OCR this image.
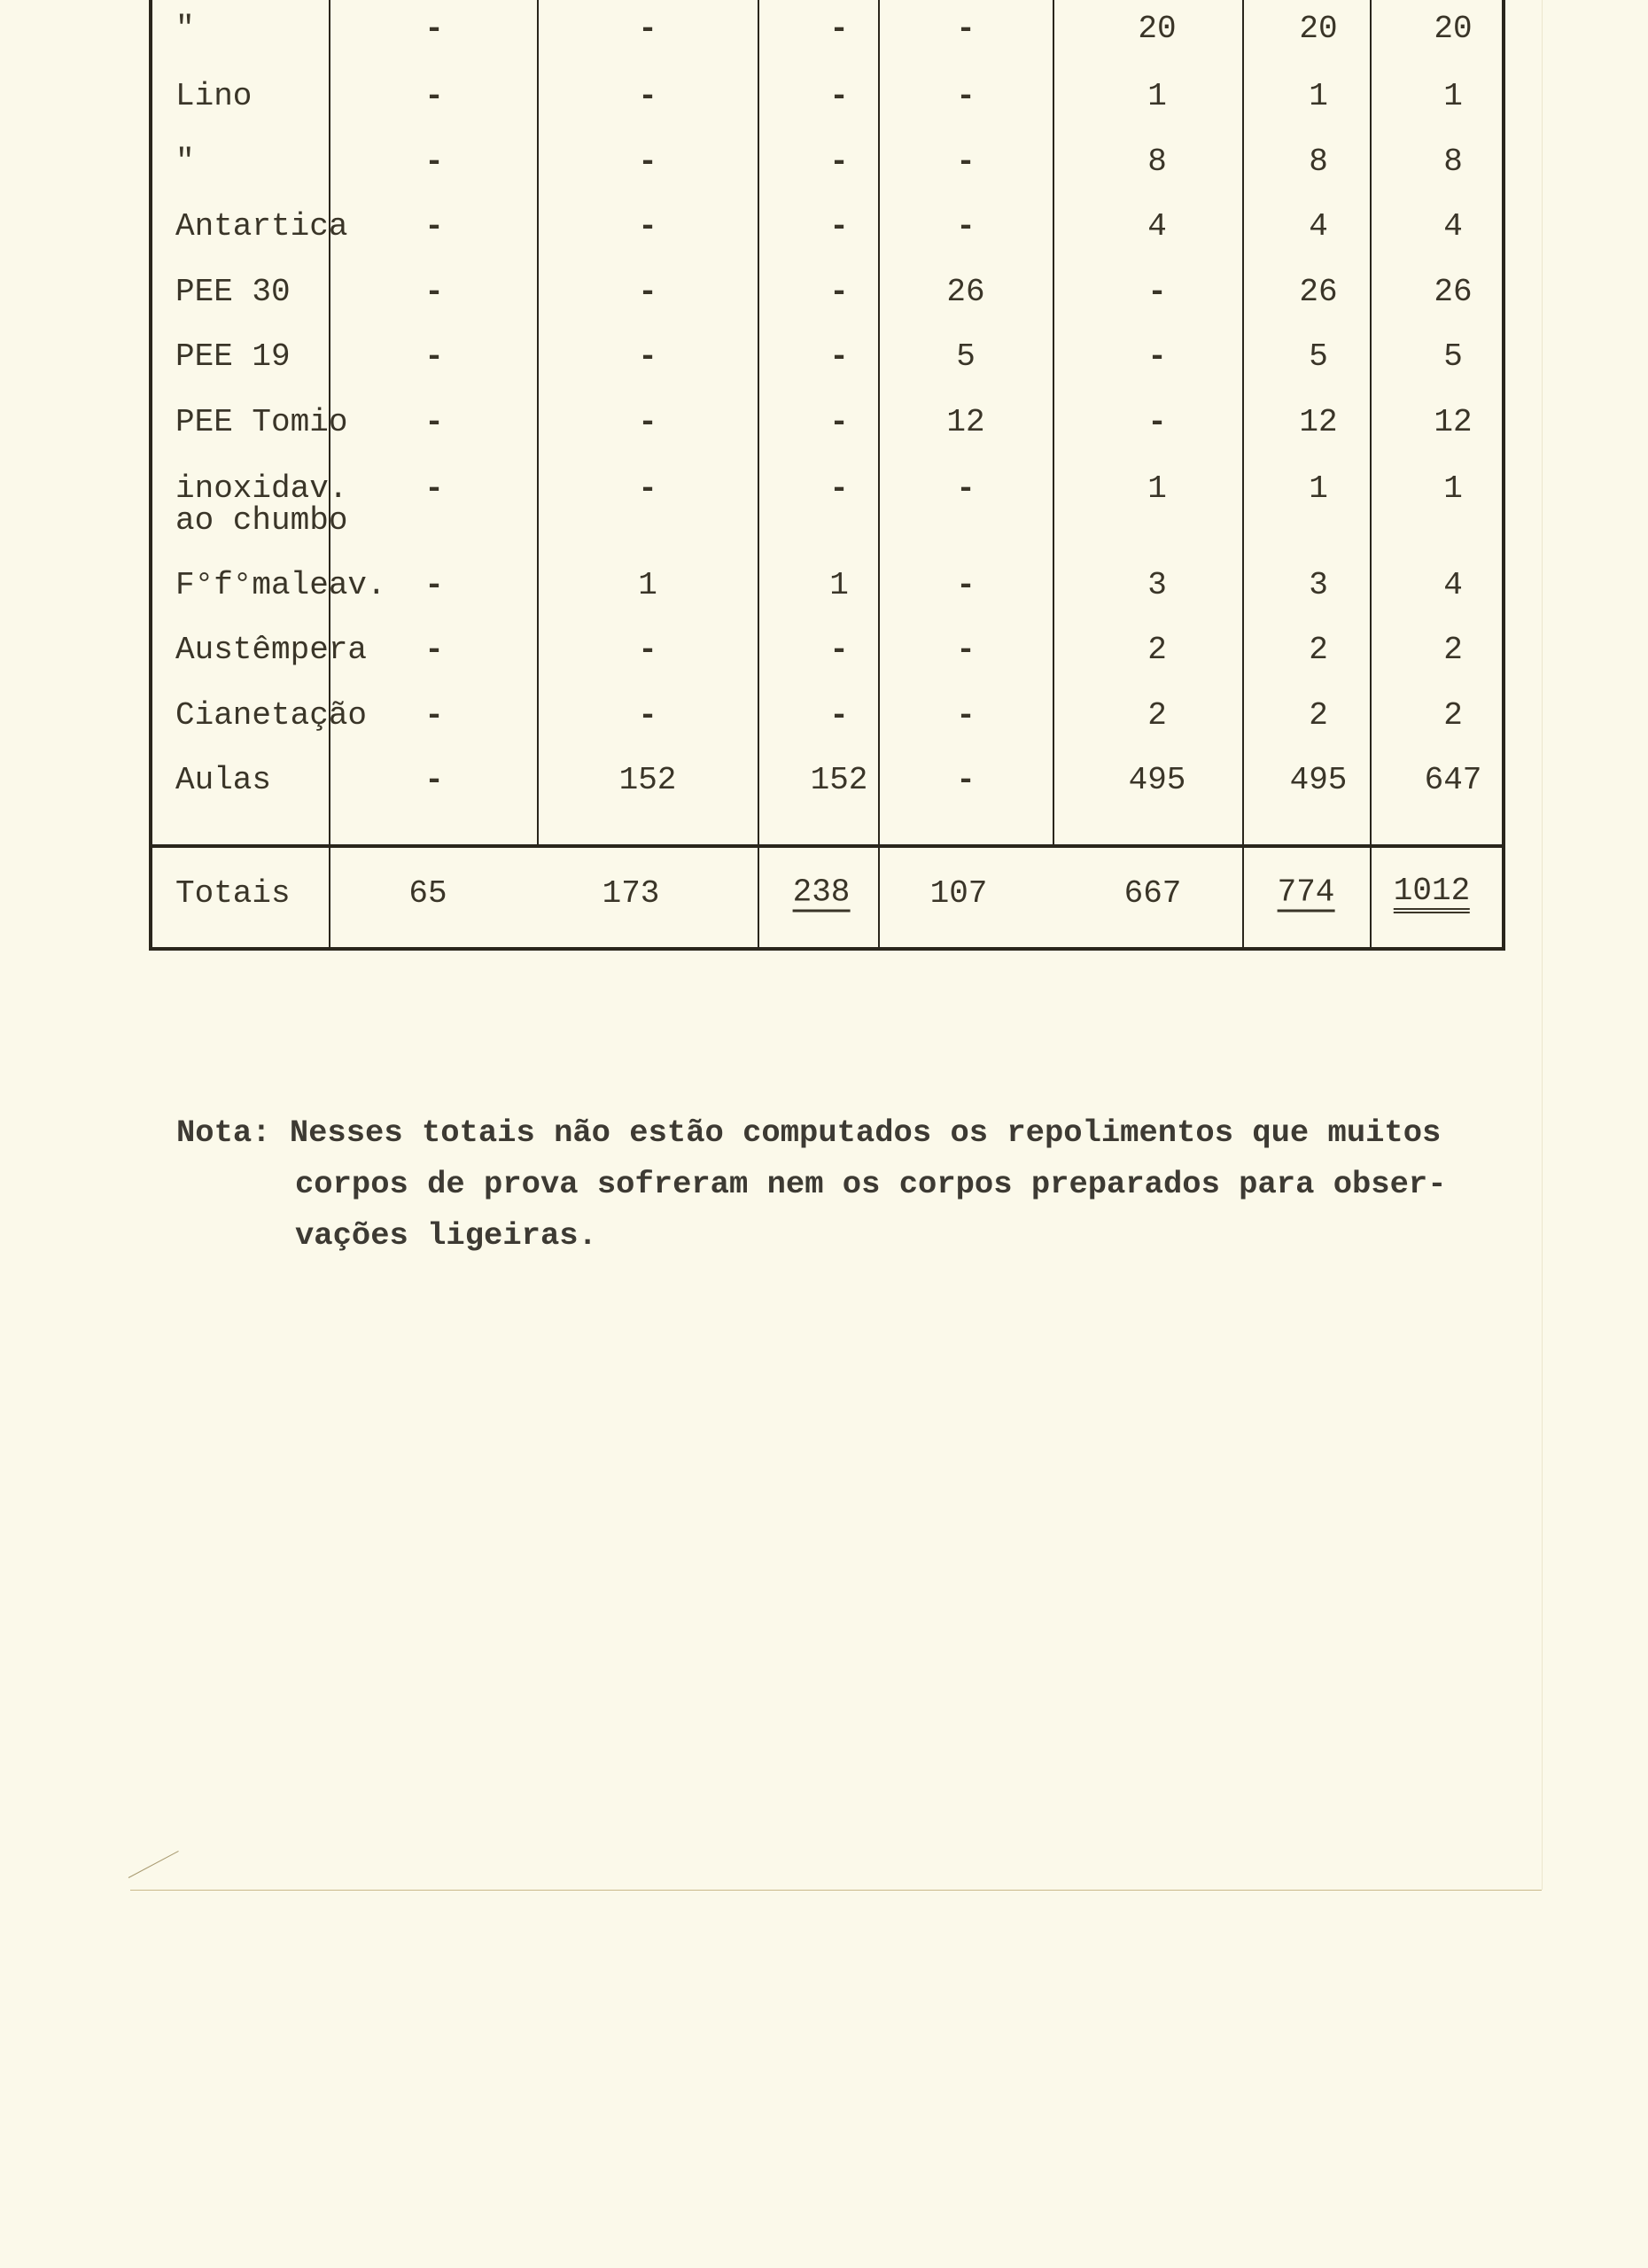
"	-	-	-	-	20	20	20
Lino	-	-	-	-	1	1	1
"	-	-	-	-	8	8	8
Antartica -	-	-	-	4	4	4
PEE 30	-	-	-	26	-	26	26
PEE 19	-	-	-	5	-	5	5
PEE Tomio -	-	-	12	-	12	12
inoxidav.
ao chumbo
-	-	-	-	1	1	1
F°f°maleav. -	1	1	-	3	3	4
Austêmpera -	-	-	-	2	2	2
Cianetação -	-	-	-	2	2	2
Aulas	-	152	152	-	495	495 647
Totais	65	173	238	107	667	774 1012
Nota: Nesses totais não estão computados os repolimentos que muitos

corpos de prova sofreram nem os corpos preparados para obser-
vações ligeiras.
